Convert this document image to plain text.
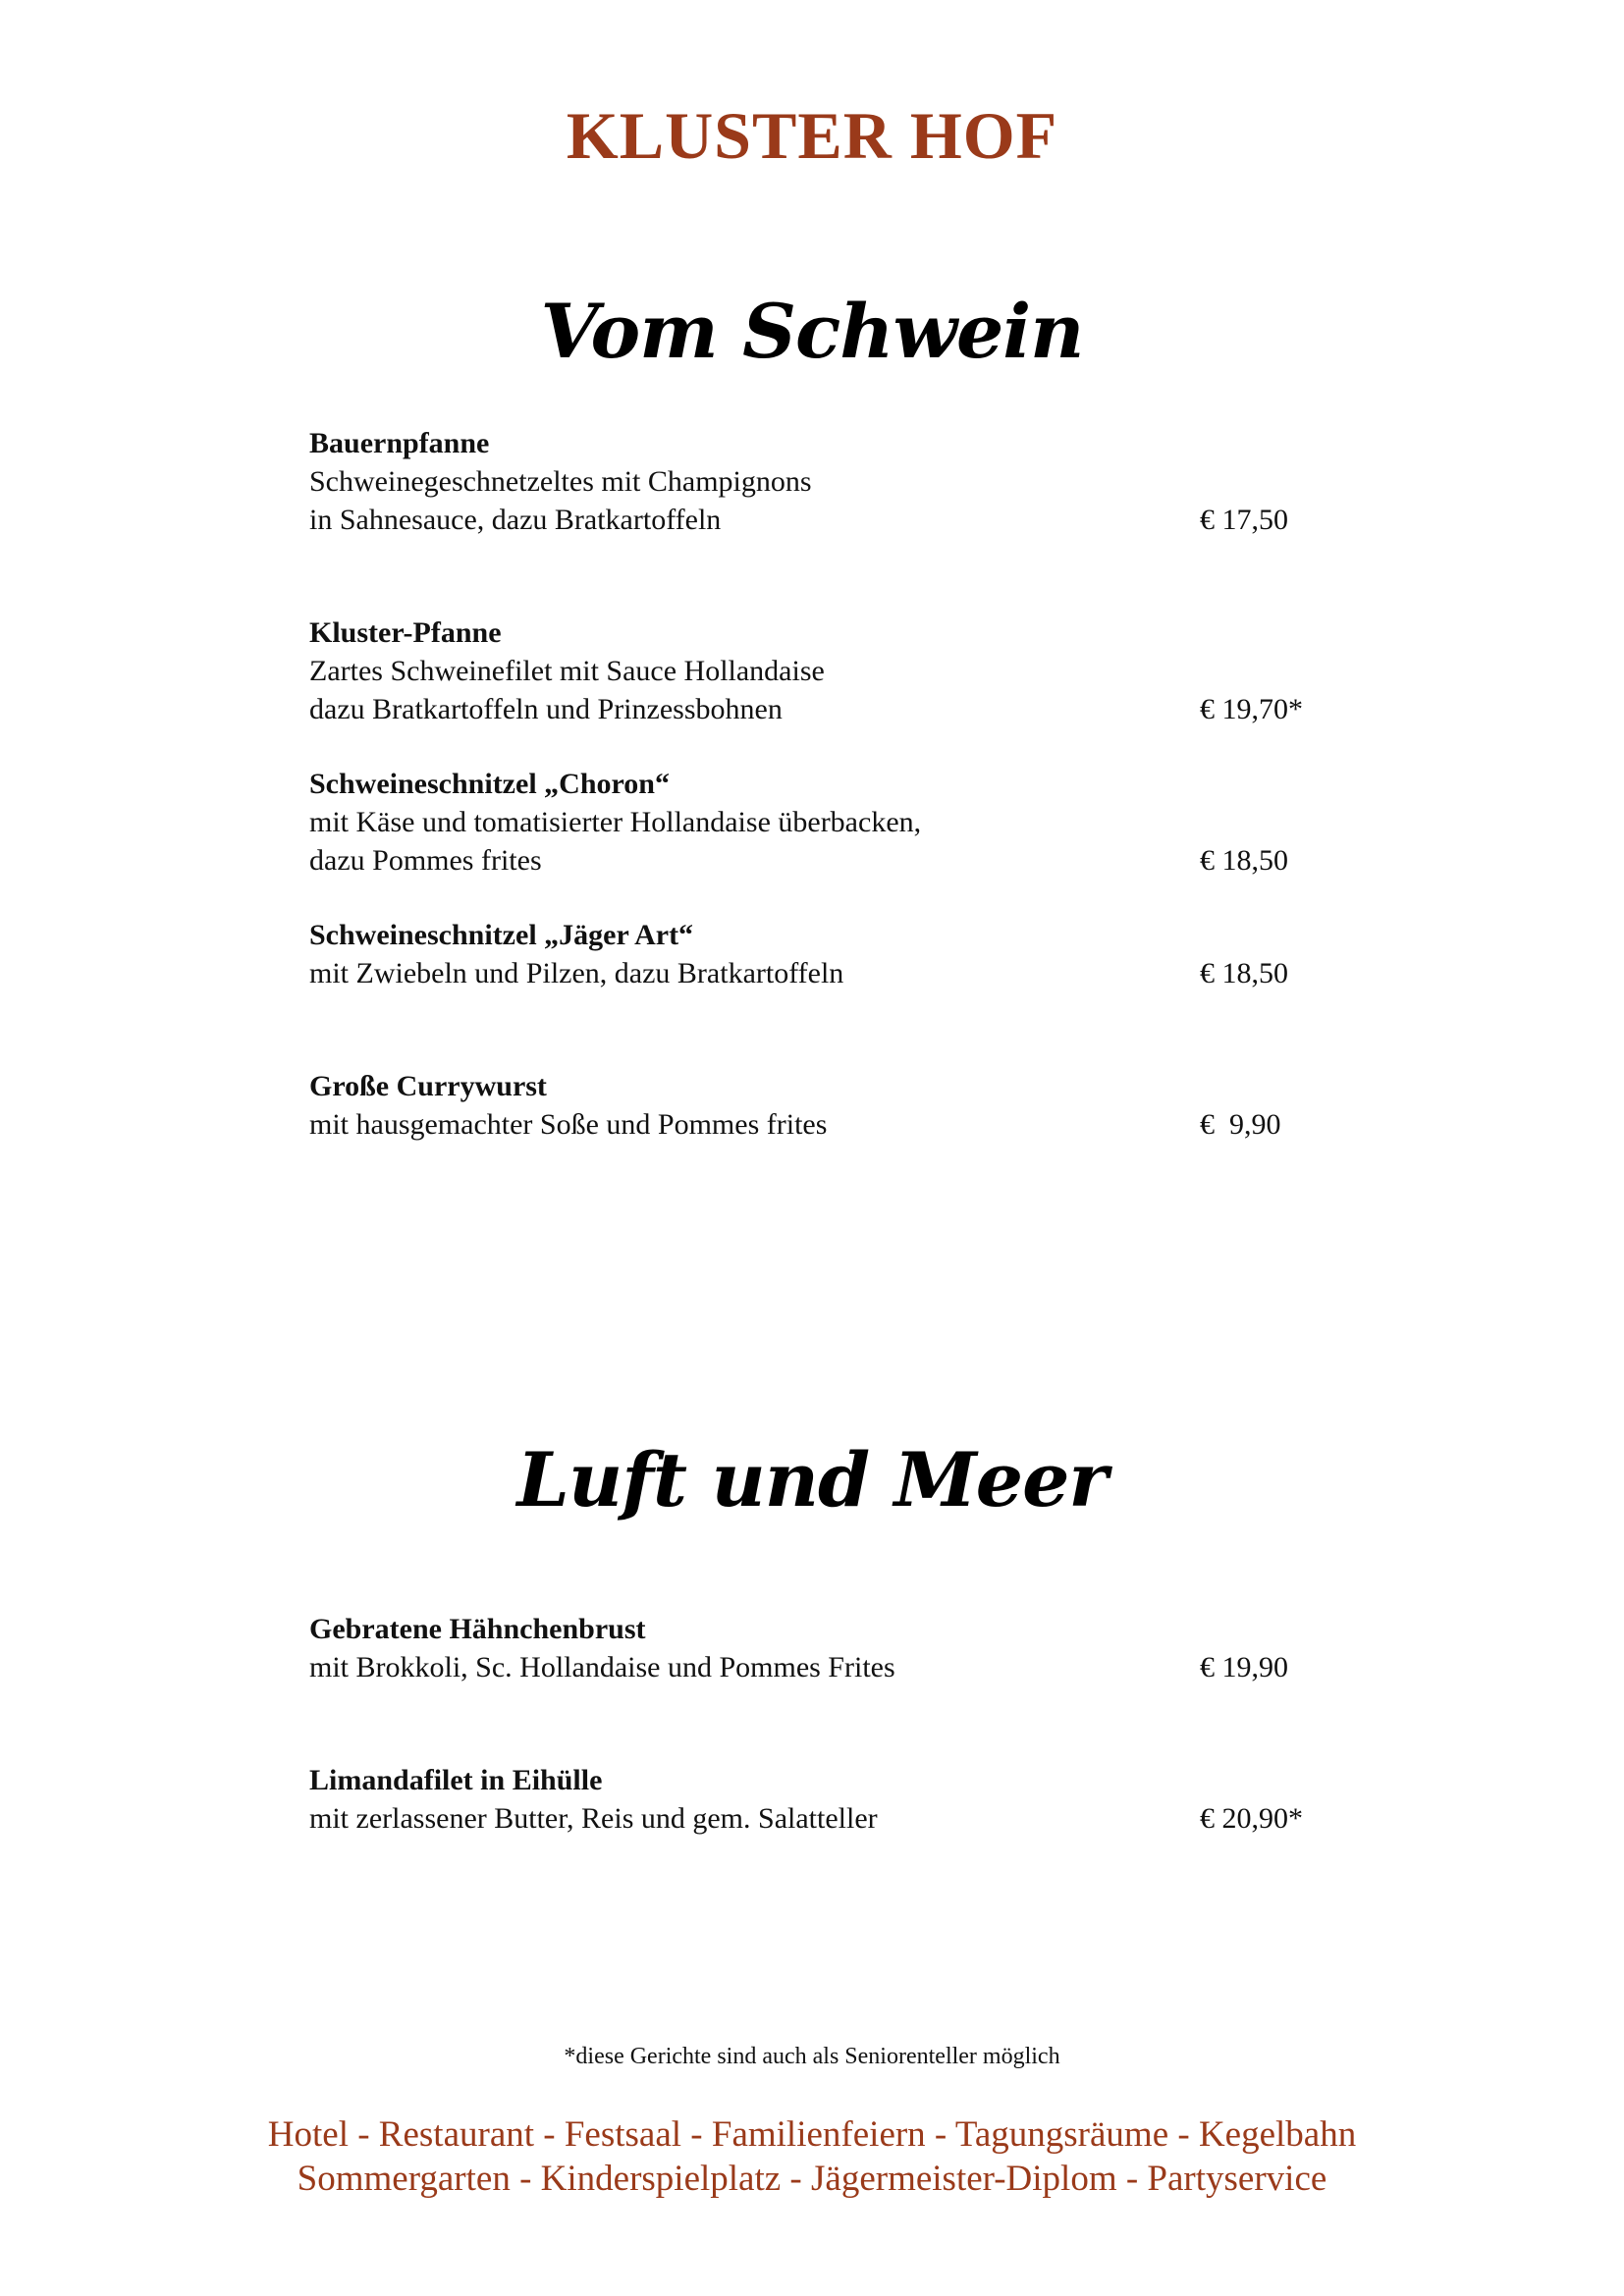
KLUSTER HOF
Vom Schwein
Bauernpfanne
Schweinegeschnetzeltes mit Champignons
in Sahnesauce, dazu Bratkartoffeln	€ 17,50
Kluster-Pfanne
Zartes Schweinefilet mit Sauce Hollandaise
dazu Bratkartoffeln und Prinzessbohnen	€ 19,70*
Schweineschnitzel „Choron“
mit Käse und tomatisierter Hollandaise überbacken,
dazu Pommes frites	€ 18,50
Schweineschnitzel „Jäger Art“
mit Zwiebeln und Pilzen, dazu Bratkartoffeln	€ 18,50
Große Currywurst
mit hausgemachter Soße und Pommes frites	€  9,90
Luft und Meer
Gebratene Hähnchenbrust
mit Brokkoli, Sc. Hollandaise und Pommes Frites	€ 19,90
Limandafilet in Eihülle
mit zerlassener Butter, Reis und gem. Salatteller	€ 20,90*
*diese Gerichte sind auch als Seniorenteller möglich
Hotel - Restaurant - Festsaal - Familienfeiern - Tagungsräume - Kegelbahn
Sommergarten - Kinderspielplatz - Jägermeister-Diplom - Partyservice
